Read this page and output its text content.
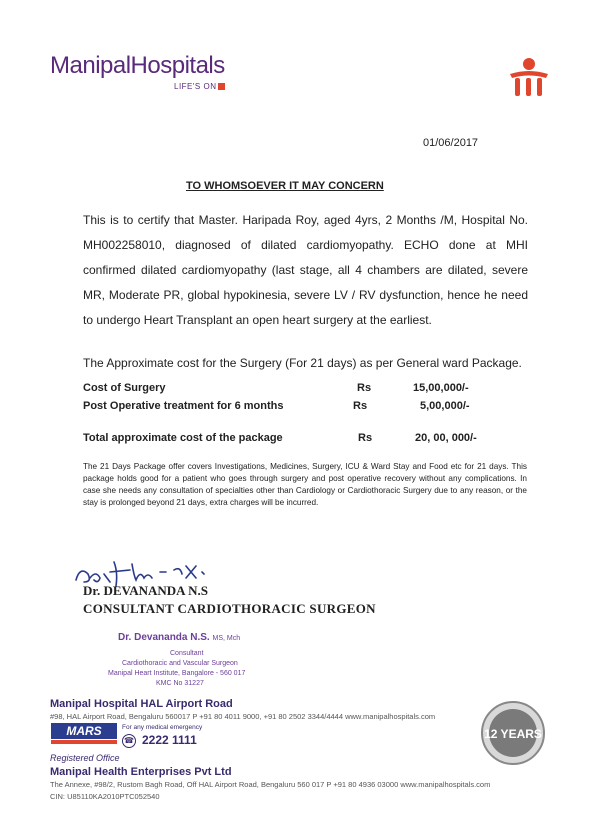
ManipalHospitals
LIFE'S ON
01/06/2017
TO WHOMSOEVER IT MAY CONCERN
This is to certify that Master. Haripada Roy, aged 4yrs, 2 Months /M, Hospital No. MH002258010, diagnosed of dilated cardiomyopathy. ECHO done at MHI confirmed dilated cardiomyopathy (last stage, all 4 chambers are dilated, severe MR, Moderate PR, global hypokinesia, severe LV / RV dysfunction, hence he need to undergo Heart Transplant an open heart surgery at the earliest.
The Approximate cost for the Surgery (For 21 days) as per General ward Package.
Cost of Surgery	Rs	15,00,000/-
Post Operative treatment for 6 months	Rs	5,00,000/-
Total approximate cost of the package	Rs	20, 00, 000/-
The 21 Days Package offer covers Investigations, Medicines, Surgery, ICU & Ward Stay and Food etc for 21 days. This package holds good for a patient who goes through surgery and post operative recovery without any complications. In case she needs any consultation of specialties other than Cardiology or Cardiothoracic Surgery due to any reason, or the stay is prolonged beyond 21 days, extra charges will be incurred.
Dr. DEVANANDA N.S
CONSULTANT CARDIOTHORACIC SURGEON
Dr. Devananda N.S. MS, Mch
Consultant
Cardiothoracic and Vascular Surgeon
Manipal Heart Institute, Bangalore - 560 017
KMC No 31227
Manipal Hospital HAL Airport Road
#98, HAL Airport Road, Bengaluru 560017 P +91 80 4011 9000, +91 80 2502 3344/4444 www.manipalhospitals.com
MARS	For any medical emergency
☎ 2222 1111
Registered Office
Manipal Health Enterprises Pvt Ltd
The Annexe, #98/2, Rustom Bagh Road, Off HAL Airport Road, Bengaluru 560 017 P +91 80 4936 03000 www.manipalhospitals.com
CIN: U85110KA2010PTC052540
12 YEARS
